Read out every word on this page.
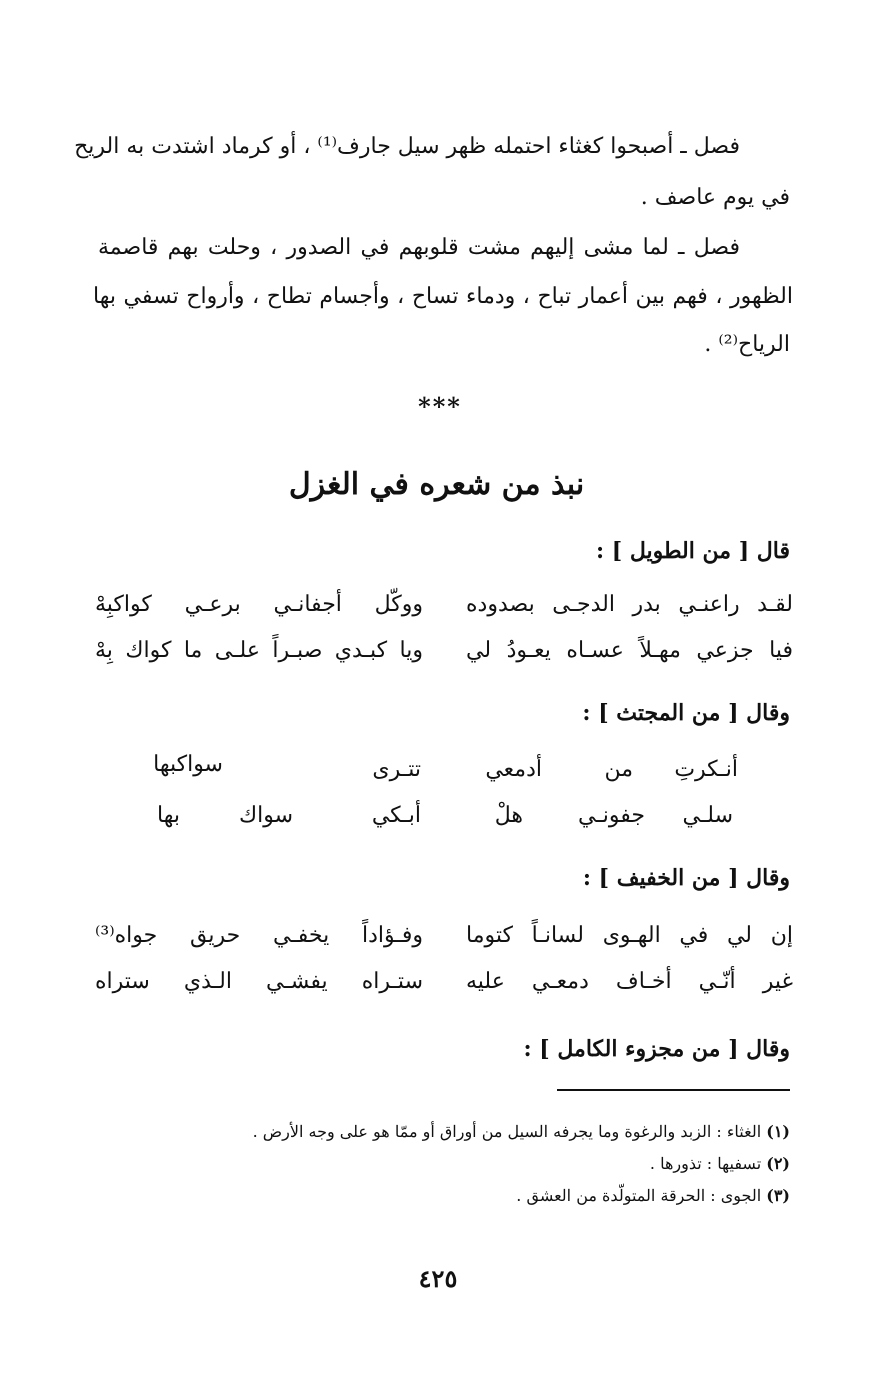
فصل ـ أصبحوا كغثاء احتمله ظهر سيل جارف⁽¹⁾ ، أو كرماد اشتدت به الريح
في يوم عاصف .
فصل ـ لما مشى إليهم مشت قلوبهم في الصدور ، وحلت بهم قاصمة
الظهور ، فهم بين أعمار تباح ، ودماء تساح ، وأجسام تطاح ، وأرواح تسفي بها
الرياح⁽²⁾ .
***
نبذ من شعره في الغزل
قال [ من الطويل ] :
لقـد راعنـي بدر الدجـى بصدوده
ووكّل أجفانـي برعـي كواكبِهْ
فيا جزعي مهـلاً عسـاه يعـودُ لي
ويا كبـدي صبـراً علـى ما كواك بِهْ
وقال [ من المجتث ] :
أنـكرتِ
من
أدمعي
تتـرى
سواكبها
سلـي
جفونـي
هلْ
أبـكي
سواك
بها
وقال [ من الخفيف ] :
إن لي في الهـوى لسانـاً كتوما
وفـؤاداً يخفـي حريق جواه⁽³⁾
غير أنّـي أخـاف دمعـي عليه
ستـراه يفشـي الـذي ستراه
وقال [ من مجزوء الكامل ] :
(١) الغثاء : الزبد والرغوة وما يجرفه السيل من أوراق أو ممّا هو على وجه الأرض .
(٢) تسفيها : تذورها .
(٣) الجوى : الحرقة المتولّدة من العشق .
٤٢٥
